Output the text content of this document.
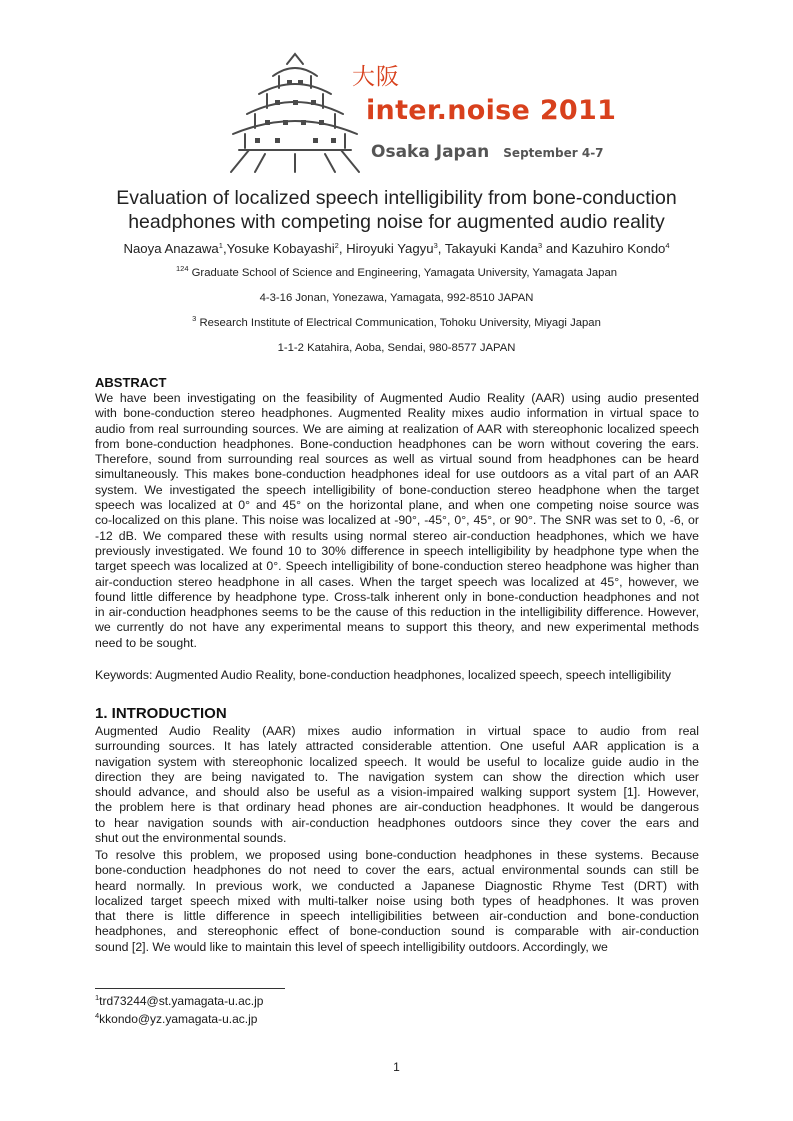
大阪
inter.noise 2011
Osaka Japan September 4-7
Evaluation of localized speech intelligibility from bone-conduction
headphones with competing noise for augmented audio reality
Naoya Anazawa$^1$,Yosuke Kobayashi$^2$, Hiroyuki Yagyu$^3$, Takayuki Kanda$^3$ and Kazuhiro Kondo$^4$
$^{124}$ Graduate School of Science and Engineering, Yamagata University, Yamagata Japan
4-3-16 Jonan, Yonezawa, Yamagata, 992-8510 JAPAN
$^3$ Research Institute of Electrical Communication, Tohoku University, Miyagi Japan
1-1-2 Katahira, Aoba, Sendai, 980-8577 JAPAN
ABSTRACT
We have been investigating on the feasibility of Augmented Audio Reality (AAR) using audio presented
with bone-conduction stereo headphones. Augmented Reality mixes audio information in virtual space to
audio from real surrounding sources. We are aiming at realization of AAR with stereophonic localized speech
from bone-conduction headphones. Bone-conduction headphones can be worn without covering the ears.
Therefore, sound from surrounding real sources as well as virtual sound from headphones can be heard
simultaneously. This makes bone-conduction headphones ideal for use outdoors as a vital part of an AAR
system. We investigated the speech intelligibility of bone-conduction stereo headphone when the target
speech was localized at 0° and 45° on the horizontal plane, and when one competing noise source was
co-localized on this plane. This noise was localized at -90°, -45°, 0°, 45°, or 90°. The SNR was set to 0, -6, or
-12 dB. We compared these with results using normal stereo air-conduction headphones, which we have
previously investigated. We found 10 to 30% difference in speech intelligibility by headphone type when the
target speech was localized at 0°. Speech intelligibility of bone-conduction stereo headphone was higher than
air-conduction stereo headphone in all cases. When the target speech was localized at 45°, however, we
found little difference by headphone type. Cross-talk inherent only in bone-conduction headphones and not
in air-conduction headphones seems to be the cause of this reduction in the intelligibility difference. However,
we currently do not have any experimental means to support this theory, and new experimental methods
need to be sought.
Keywords: Augmented Audio Reality, bone-conduction headphones, localized speech, speech intelligibility
1. INTRODUCTION
Augmented Audio Reality (AAR) mixes audio information in virtual space to audio from real
surrounding sources. It has lately attracted considerable attention. One useful AAR application is a
navigation system with stereophonic localized speech. It would be useful to localize guide audio in the
direction they are being navigated to. The navigation system can show the direction which user
should advance, and should also be useful as a vision-impaired walking support system [1]. However,
the problem here is that ordinary head phones are air-conduction headphones. It would be dangerous
to hear navigation sounds with air-conduction headphones outdoors since they cover the ears and
shut out the environmental sounds.
To resolve this problem, we proposed using bone-conduction headphones in these systems. Because
bone-conduction headphones do not need to cover the ears, actual environmental sounds can still be
heard normally. In previous work, we conducted a Japanese Diagnostic Rhyme Test (DRT) with
localized target speech mixed with multi-talker noise using both types of headphones. It was proven
that there is little difference in speech intelligibilities between air-conduction and bone-conduction
headphones, and stereophonic effect of bone-conduction sound is comparable with air-conduction
sound [2]. We would like to maintain this level of speech intelligibility outdoors. Accordingly, we
$^1$trd73244@st.yamagata-u.ac.jp
$^4$kkondo@yz.yamagata-u.ac.jp
1
